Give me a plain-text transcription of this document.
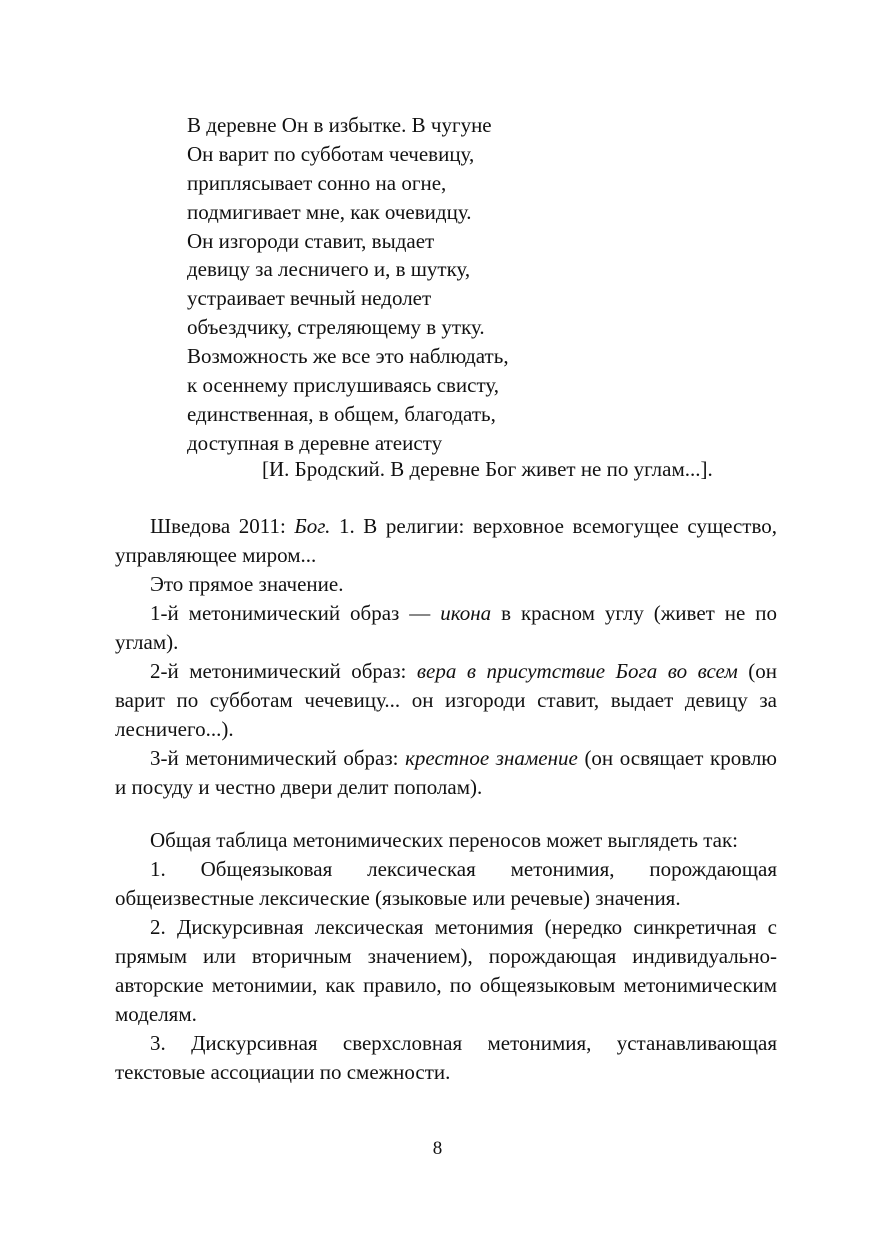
В деревне Он в избытке. В чугуне
Он варит по субботам чечевицу,
приплясывает сонно на огне,
подмигивает мне, как очевидцу.
Он изгороди ставит, выдает
девицу за лесничего и, в шутку,
устраивает вечный недолет
объездчику, стреляющему в утку.
Возможность же все это наблюдать,
к осеннему прислушиваясь свисту,
единственная, в общем, благодать,
доступная в деревне атеисту
[И. Бродский. В деревне Бог живет не по углам...].

Шведова 2011: Бог. 1. В религии: верховное всемогущее существо, управляющее миром...

Это прямое значение.

1-й метонимический образ — икона в красном углу (живет не по углам).

2-й метонимический образ: вера в присутствие Бога во всем (он варит по субботам чечевицу... он изгороди ставит, выдает девицу за лесничего...).

3-й метонимический образ: крестное знамение (он освящает кровлю и посуду и честно двери делит пополам).

Общая таблица метонимических переносов может выглядеть так:

1. Общеязыковая лексическая метонимия, порождающая общеизвестные лексические (языковые или речевые) значения.

2. Дискурсивная лексическая метонимия (нередко синкретичная с прямым или вторичным значением), порождающая индивидуально-авторские метонимии, как правило, по общеязыковым метонимическим моделям.

3. Дискурсивная сверхсловная метонимия, устанавливающая текстовые ассоциации по смежности.

8
